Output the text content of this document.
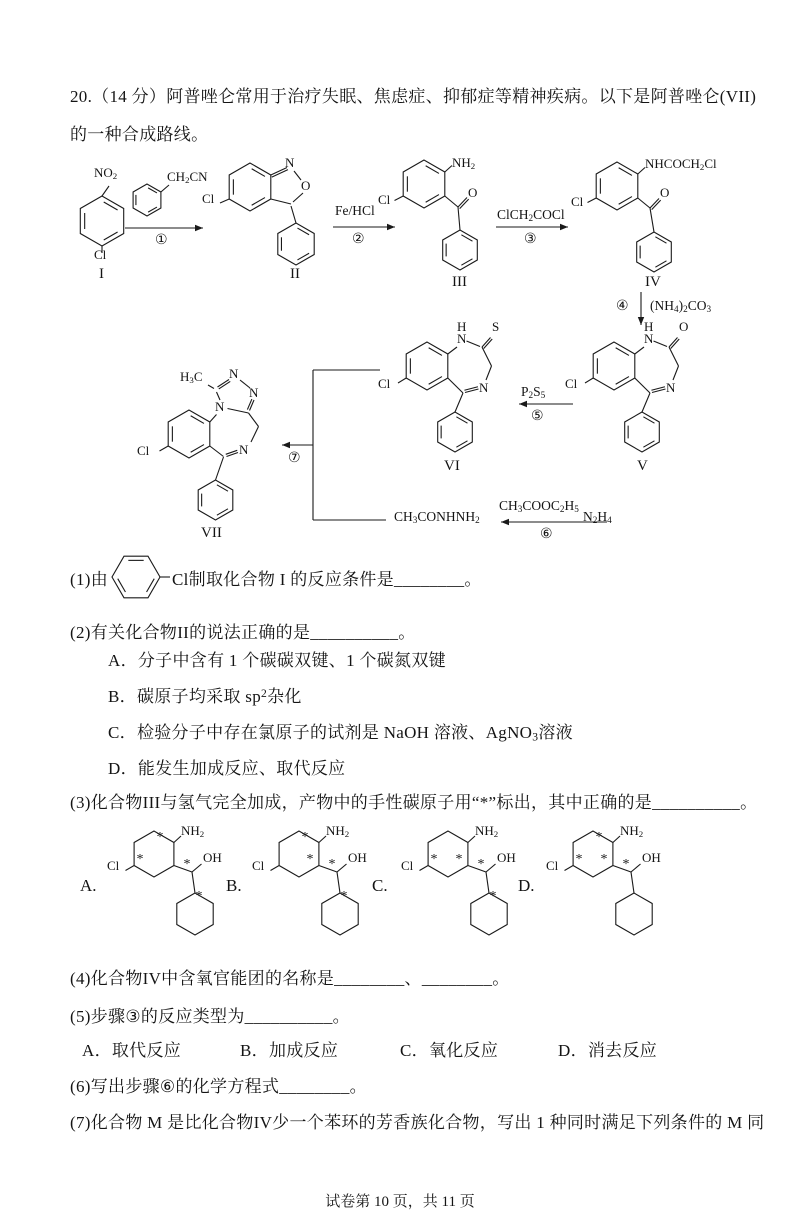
*
*	*
*
*
* *
*
* * *
*
*
* * *
20.（14 分）阿普唑仑常用于治疗失眠、焦虑症、抑郁症等精神疾病。以下是阿普唑仑(VII)
的一种合成路线。
$NO_2$
Cl
I
$CH_2CN$
①
N
O
Cl
II
Fe/HCl
②
$NH_2$
O
Cl
III
ClCH$_2$COCl
③
$NHCOCH_2Cl$
O
Cl
IV
④ $(NH_4)_2CO_3$
H
N
O
N
Cl
V
$P_2S_5$
⑤
H
N
S
N
Cl
VI
⑦
$H_3C$ N
N
N
N
Cl
VII
$CH_3CONHNH_2$
$CH_3COOC_2H_5$
⑥
$N_2H_4$
(1)由	Cl制取化合物 I 的反应条件是________。
(2)有关化合物II的说法正确的是__________。
A．分子中含有 1 个碳碳双键、1 个碳氮双键
B．碳原子均采取 $sp^2$杂化
C．检验分子中存在氯原子的试剂是 NaOH 溶液、AgNO$_3$溶液
D．能发生加成反应、取代反应
(3)化合物III与氢气完全加成，产物中的手性碳原子用“*”标出，其中正确的是__________。
A.
$NH_2$
Cl
OH
B.
$NH_2$
Cl
OH
C.
$NH_2$
Cl
OH
D.
$NH_2$
Cl
OH
(4)化合物IV中含氧官能团的名称是________、________。
(5)步骤③的反应类型为__________。
A．取代反应	B．加成反应	C．氧化反应	D．消去反应
(6)写出步骤⑥的化学方程式________。
(7)化合物 M 是比化合物IV少一个苯环的芳香族化合物，写出 1 种同时满足下列条件的 M 同
试卷第 10 页，共 11 页
